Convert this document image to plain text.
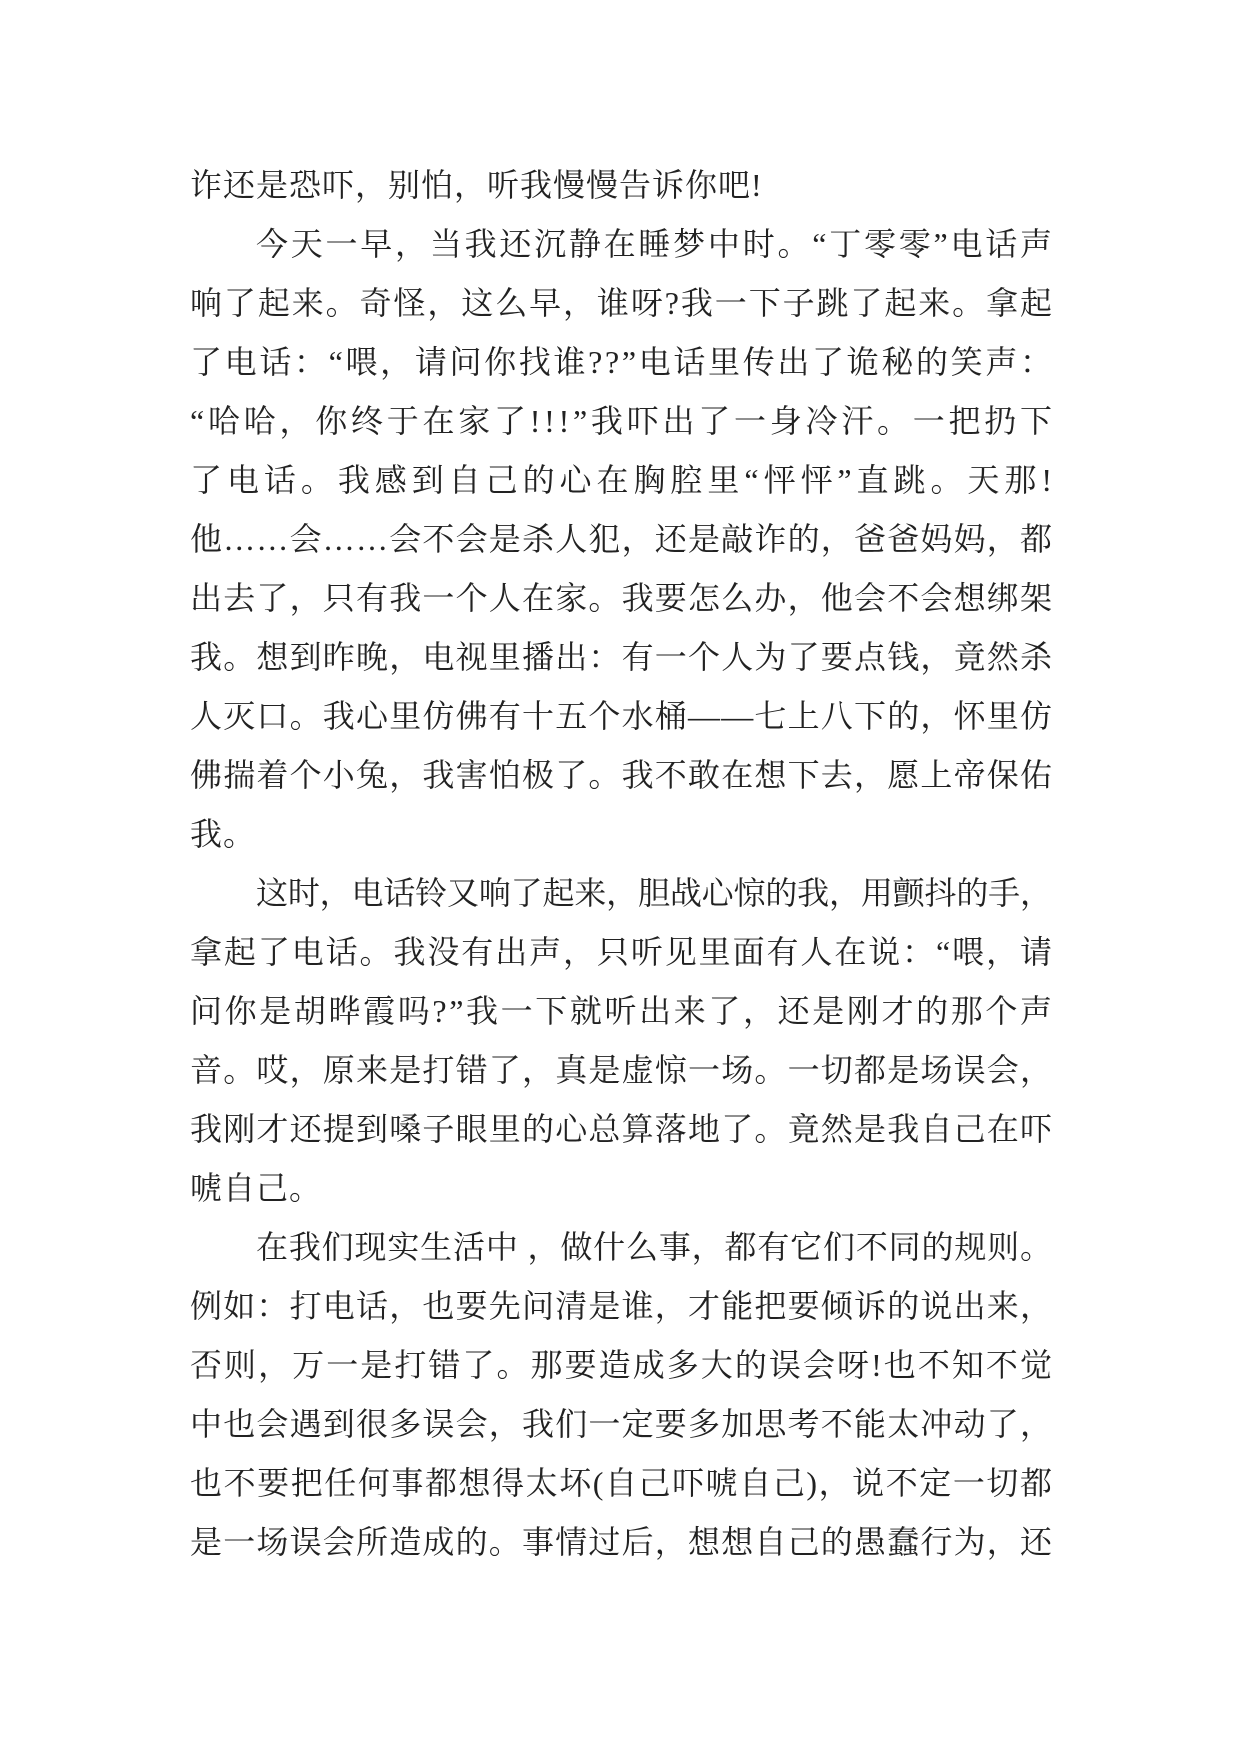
诈还是恐吓，别怕，听我慢慢告诉你吧!
今天一早，当我还沉静在睡梦中时。“丁零零”电话声
响了起来。奇怪，这么早，谁呀?我一下子跳了起来。拿起
了电话：“喂，请问你找谁??”电话里传出了诡秘的笑声：
“哈哈，你终于在家了!!!”我吓出了一身冷汗。一把扔下
了电话。我感到自己的心在胸腔里“怦怦”直跳。天那!
他……会……会不会是杀人犯，还是敲诈的，爸爸妈妈，都
出去了，只有我一个人在家。我要怎么办，他会不会想绑架
我。想到昨晚，电视里播出：有一个人为了要点钱，竟然杀
人灭口。我心里仿佛有十五个水桶——七上八下的，怀里仿
佛揣着个小兔，我害怕极了。我不敢在想下去，愿上帝保佑
我。
这时，电话铃又响了起来，胆战心惊的我，用颤抖的手，
拿起了电话。我没有出声，只听见里面有人在说：“喂，请
问你是胡晔霞吗?”我一下就听出来了，还是刚才的那个声
音。哎，原来是打错了，真是虚惊一场。一切都是场误会，
我刚才还提到嗓子眼里的心总算落地了。竟然是我自己在吓
唬自己。
在我们现实生活中 ，做什么事，都有它们不同的规则。
例如：打电话，也要先问清是谁，才能把要倾诉的说出来，
否则，万一是打错了。那要造成多大的误会呀!也不知不觉
中也会遇到很多误会，我们一定要多加思考不能太冲动了，
也不要把任何事都想得太坏(自己吓唬自己)，说不定一切都
是一场误会所造成的。事情过后，想想自己的愚蠢行为，还
